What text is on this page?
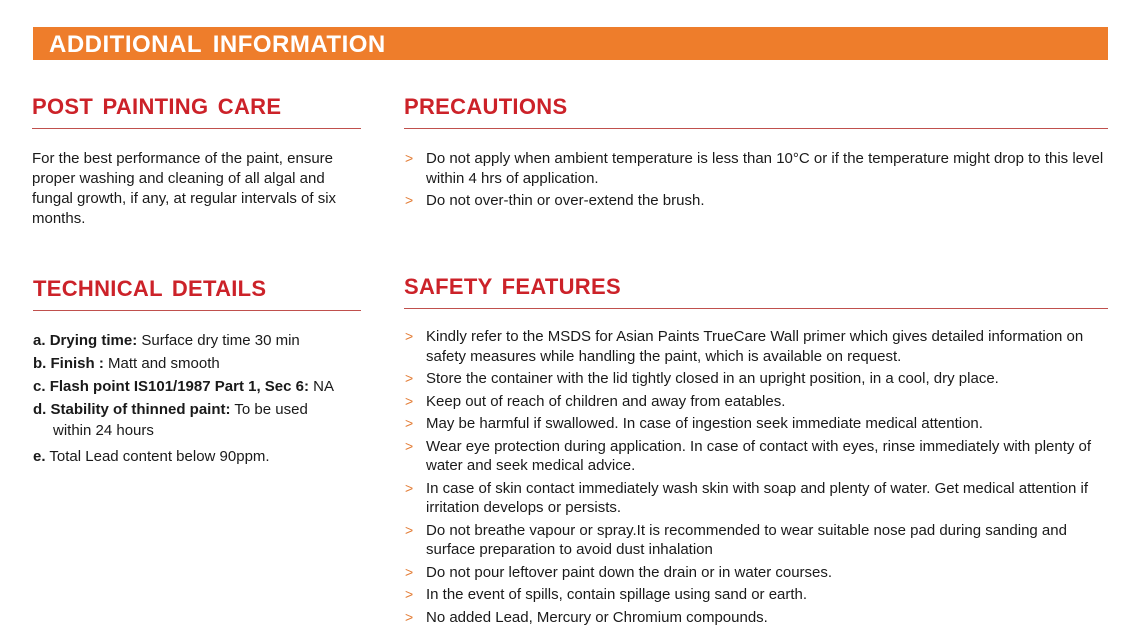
ADDITIONAL INFORMATION
POST PAINTING CARE
For the best performance of the paint, ensure proper washing and cleaning of all algal and fungal growth, if any, at regular intervals of six months.
PRECAUTIONS
> Do not apply when ambient temperature is less than 10°C or if the temperature might drop to this level within 4 hrs of application.
> Do not over-thin or over-extend the brush.
TECHNICAL DETAILS
a. Drying time: Surface dry time 30 min
b. Finish : Matt and smooth
c. Flash point IS101/1987 Part 1, Sec 6: NA
d. Stability of thinned paint: To be used
within 24 hours
e. Total Lead content below 90ppm.
SAFETY FEATURES
> Kindly refer to the MSDS for Asian Paints TrueCare Wall primer which gives detailed information on safety measures while handling the paint, which is available on request.
> Store the container with the lid tightly closed in an upright position, in a cool, dry place.
> Keep out of reach of children and away from eatables.
> May be harmful if swallowed. In case of ingestion seek immediate medical attention.
> Wear eye protection during application. In case of contact with eyes, rinse immediately with plenty of water and seek medical advice.
> In case of skin contact immediately wash skin with soap and plenty of water. Get medical attention if irritation develops or persists.
> Do not breathe vapour or spray.It is recommended to wear suitable nose pad during sanding and surface preparation to avoid dust inhalation
> Do not pour leftover paint down the drain or in water courses.
> In the event of spills, contain spillage using sand or earth.
> No added Lead, Mercury or Chromium compounds.
